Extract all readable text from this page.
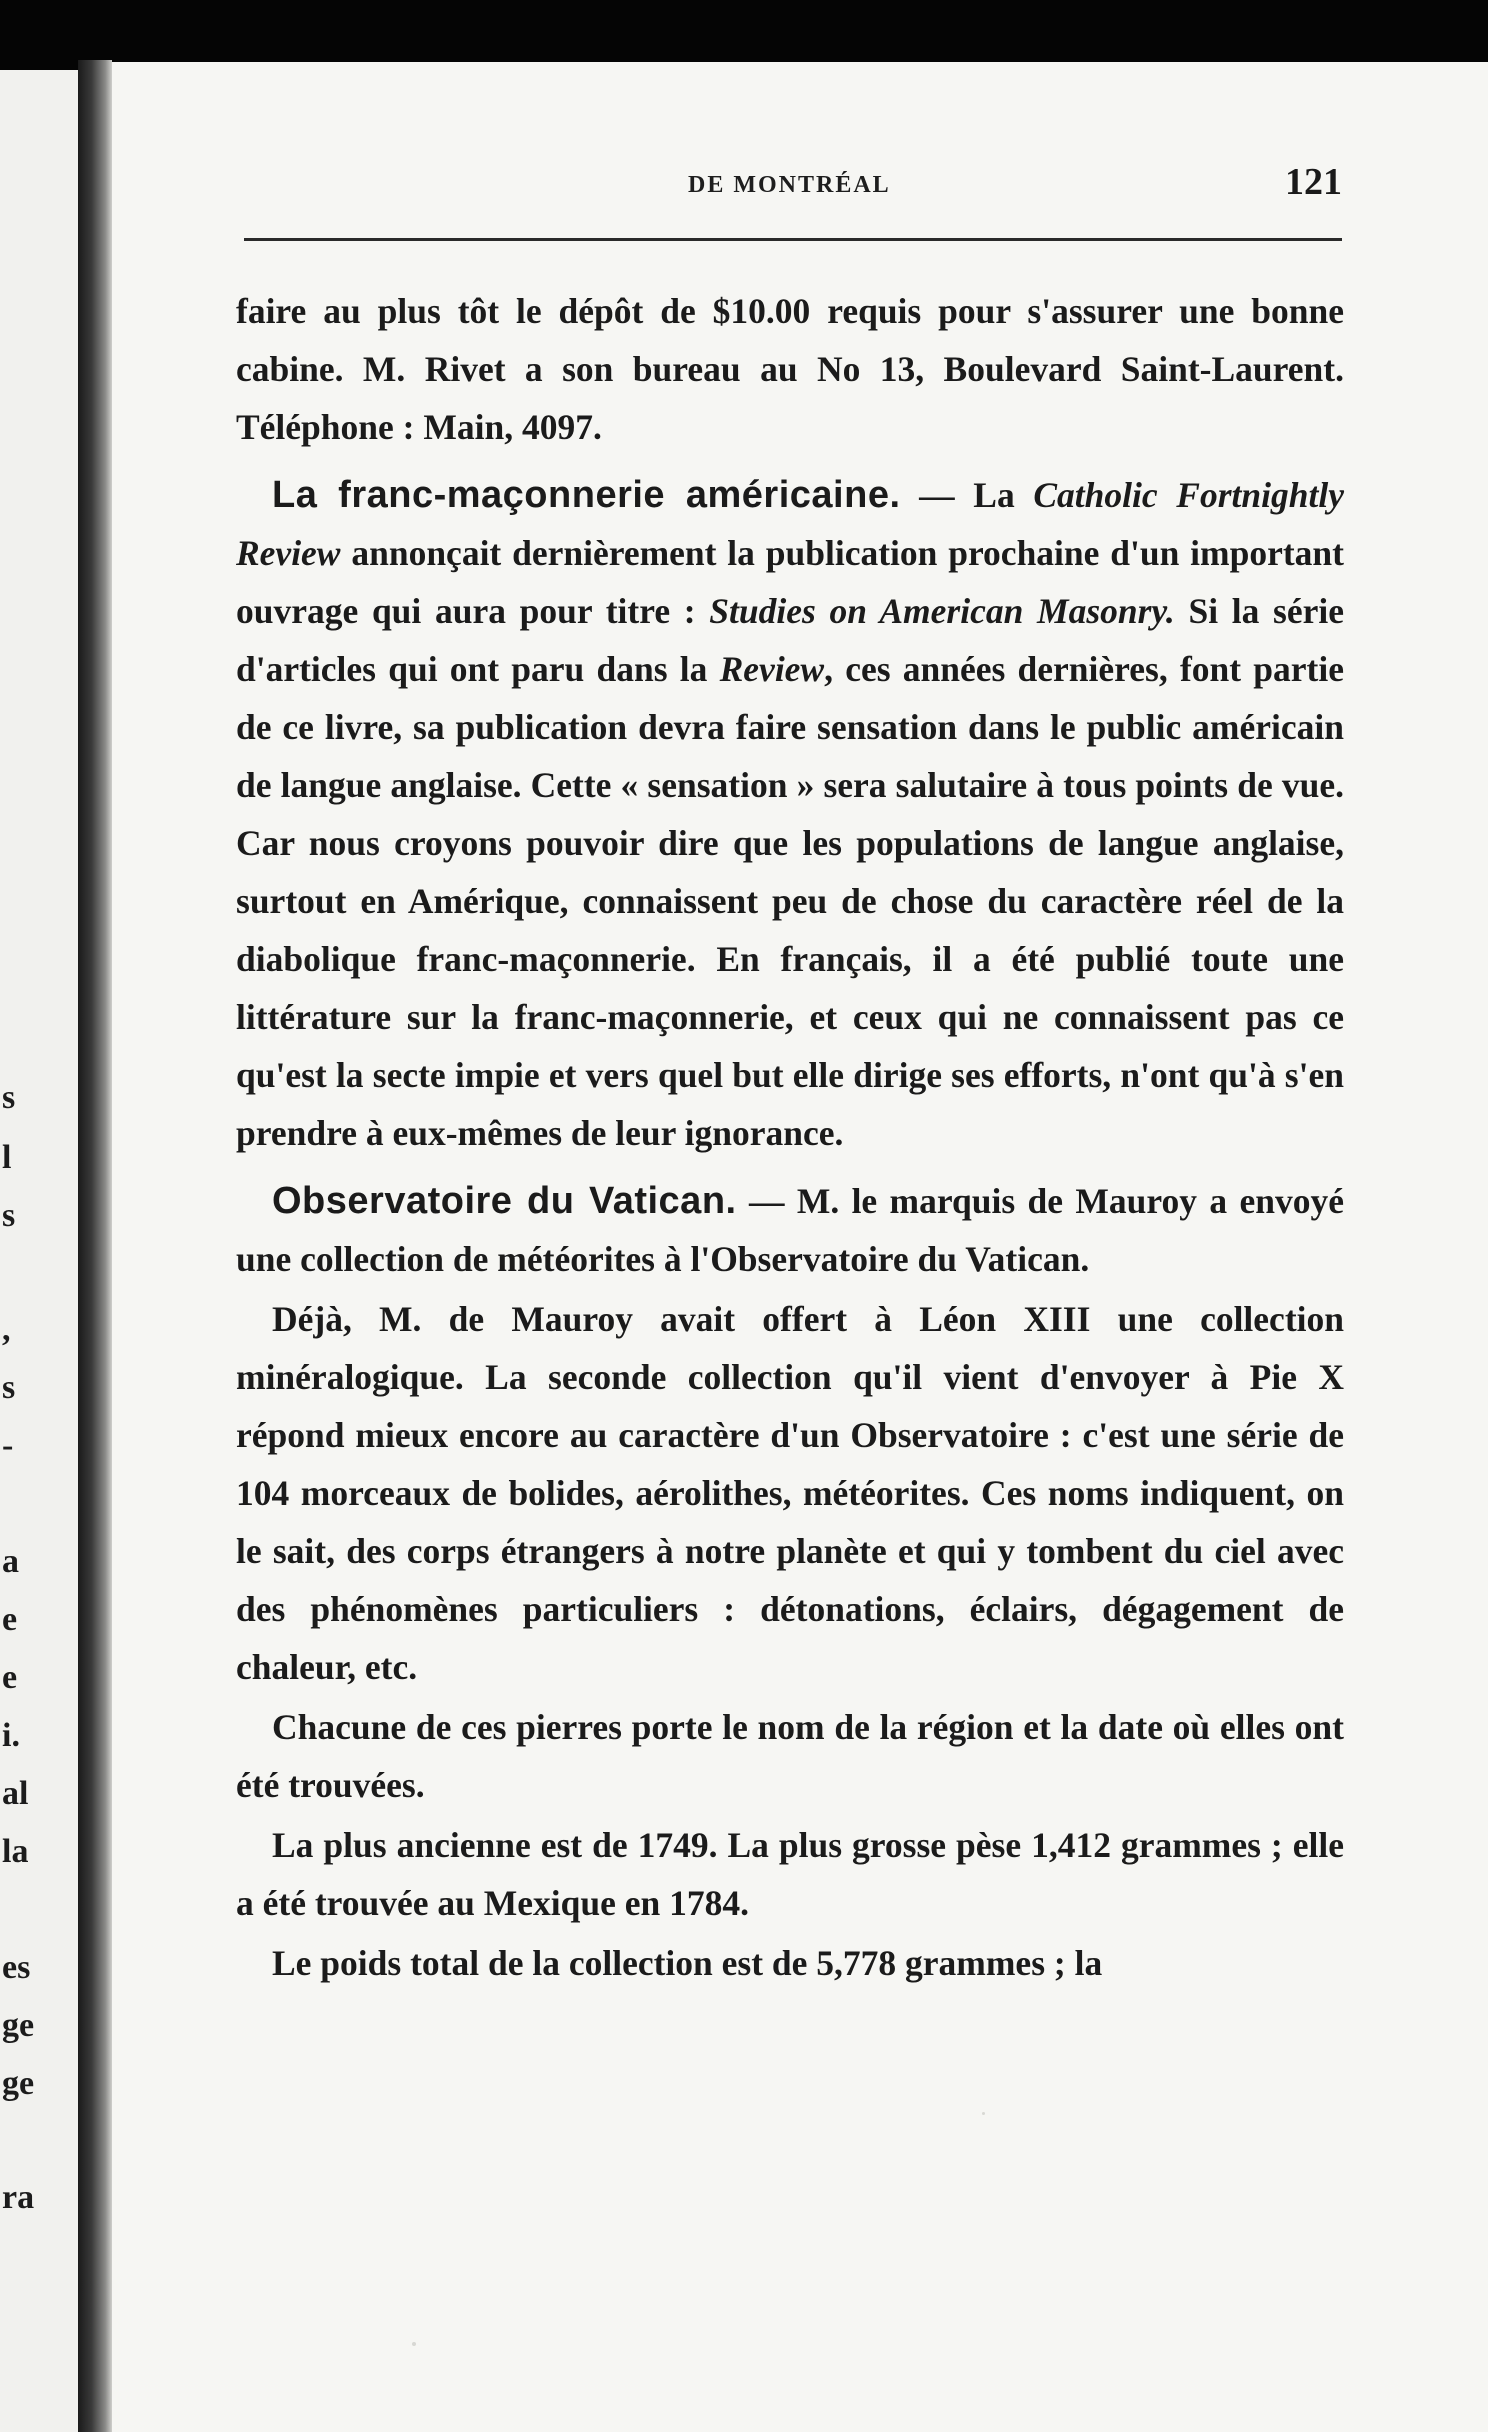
s
l
s
,
s
-
a
e
e
i.
al
la
es
ge
ge
ra
DE MONTRÉAL	121

faire au plus tôt le dépôt de $10.00 requis pour s'assurer une bonne cabine. M. Rivet a son bureau au No 13, Boulevard Saint-Laurent. Téléphone : Main, 4097.

La franc-maçonnerie américaine. — La Catholic Fortnightly Review annonçait dernièrement la publication prochaine d'un important ouvrage qui aura pour titre : Studies on American Masonry. Si la série d'articles qui ont paru dans la Review, ces années dernières, font partie de ce livre, sa publication devra faire sensation dans le public américain de langue anglaise. Cette « sensation » sera salutaire à tous points de vue. Car nous croyons pouvoir dire que les populations de langue anglaise, surtout en Amérique, connaissent peu de chose du caractère réel de la diabolique franc-maçonnerie. En français, il a été publié toute une littérature sur la franc-maçonnerie, et ceux qui ne connaissent pas ce qu'est la secte impie et vers quel but elle dirige ses efforts, n'ont qu'à s'en prendre à eux-mêmes de leur ignorance.

Observatoire du Vatican. — M. le marquis de Mauroy a envoyé une collection de météorites à l'Observatoire du Vatican.

Déjà, M. de Mauroy avait offert à Léon XIII une collection minéralogique. La seconde collection qu'il vient d'envoyer à Pie X répond mieux encore au caractère d'un Observatoire : c'est une série de 104 morceaux de bolides, aérolithes, météorites. Ces noms indiquent, on le sait, des corps étrangers à notre planète et qui y tombent du ciel avec des phénomènes particuliers : détonations, éclairs, dégagement de chaleur, etc.

Chacune de ces pierres porte le nom de la région et la date où elles ont été trouvées.

La plus ancienne est de 1749. La plus grosse pèse 1,412 grammes ; elle a été trouvée au Mexique en 1784.

Le poids total de la collection est de 5,778 grammes ; la
